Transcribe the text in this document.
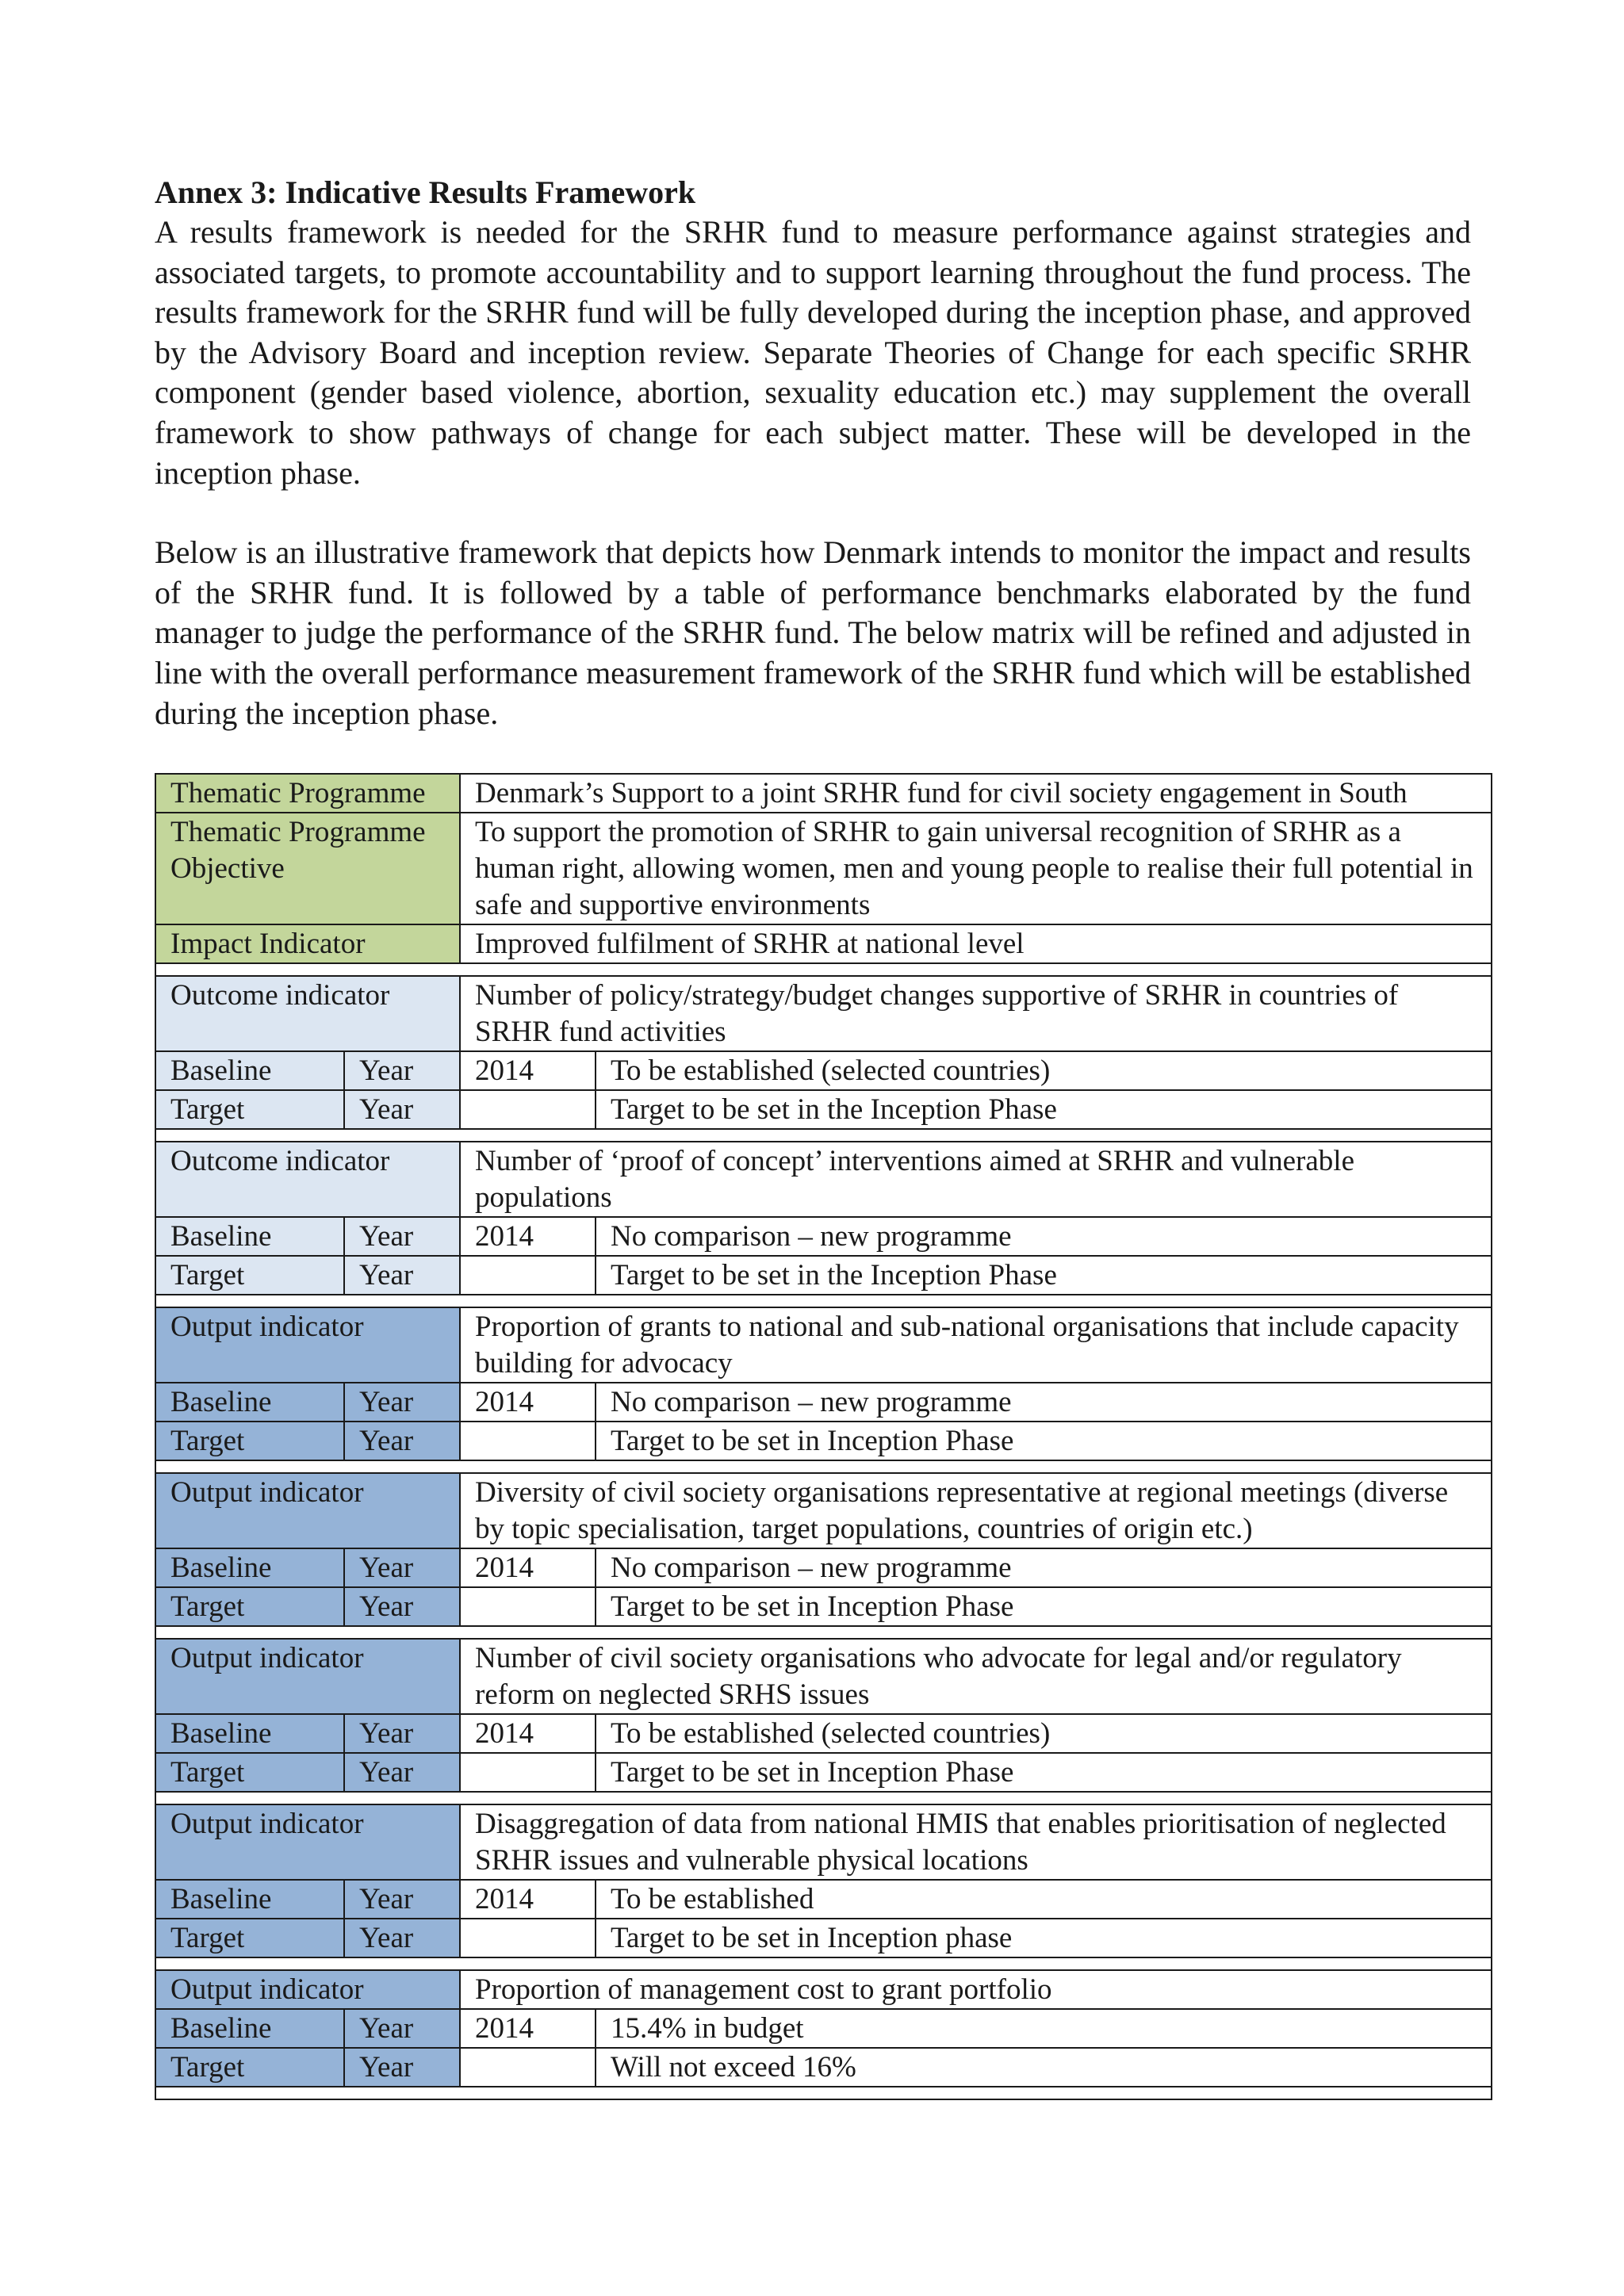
Annex 3: Indicative Results Framework

A results framework is needed for the SRHR fund to measure performance against strategies and associated targets, to promote accountability and to support learning throughout the fund process. The results framework for the SRHR fund will be fully developed during the inception phase, and approved by the Advisory Board and inception review. Separate Theories of Change for each specific SRHR component (gender based violence, abortion, sexuality education etc.) may supplement the overall framework to show pathways of change for each subject matter. These will be developed in the inception phase.

Below is an illustrative framework that depicts how Denmark intends to monitor the impact and results of the SRHR fund. It is followed by a table of performance benchmarks elaborated by the fund manager to judge the performance of the SRHR fund. The below matrix will be refined and adjusted in line with the overall performance measurement framework of the SRHR fund which will be established during the inception phase.

Thematic Programme		Denmark’s Support to a joint SRHR fund for civil society engagement in South	
Thematic Programme Objective		To support the promotion of SRHR to gain universal recognition of SRHR as a human right, allowing women, men and young people to realise their full potential in safe and supportive environments	
Impact Indicator		Improved fulfilment of SRHR at national level	

Outcome indicator		Number of policy/strategy/budget changes supportive of SRHR in countries of SRHR fund activities	
Baseline	Year	2014	To be established (selected countries)
Target	Year		Target to be set in the Inception Phase

Outcome indicator		Number of ‘proof of concept’ interventions aimed at SRHR and vulnerable populations	
Baseline	Year	2014	No comparison – new programme
Target	Year		Target to be set in the Inception Phase

Output indicator		Proportion of grants to national and sub-national organisations that include capacity building for advocacy	
Baseline	Year	2014	No comparison – new programme
Target	Year		Target to be set in Inception Phase

Output indicator		Diversity of civil society organisations representative at regional meetings (diverse by topic specialisation, target populations, countries of origin etc.)	
Baseline	Year	2014	No comparison – new programme
Target	Year		Target to be set in Inception Phase

Output indicator		Number of civil society organisations who advocate for legal and/or regulatory reform on neglected SRHS issues	
Baseline	Year	2014	To be established (selected countries)
Target	Year		Target to be set in Inception Phase

Output indicator		Disaggregation of data from national HMIS that enables prioritisation of neglected SRHR issues and vulnerable physical locations	
Baseline	Year	2014	To be established
Target	Year		Target to be set in Inception phase

Output indicator		Proportion of management cost to grant portfolio	
Baseline	Year	2014	15.4% in budget
Target	Year		Will not exceed 16%
